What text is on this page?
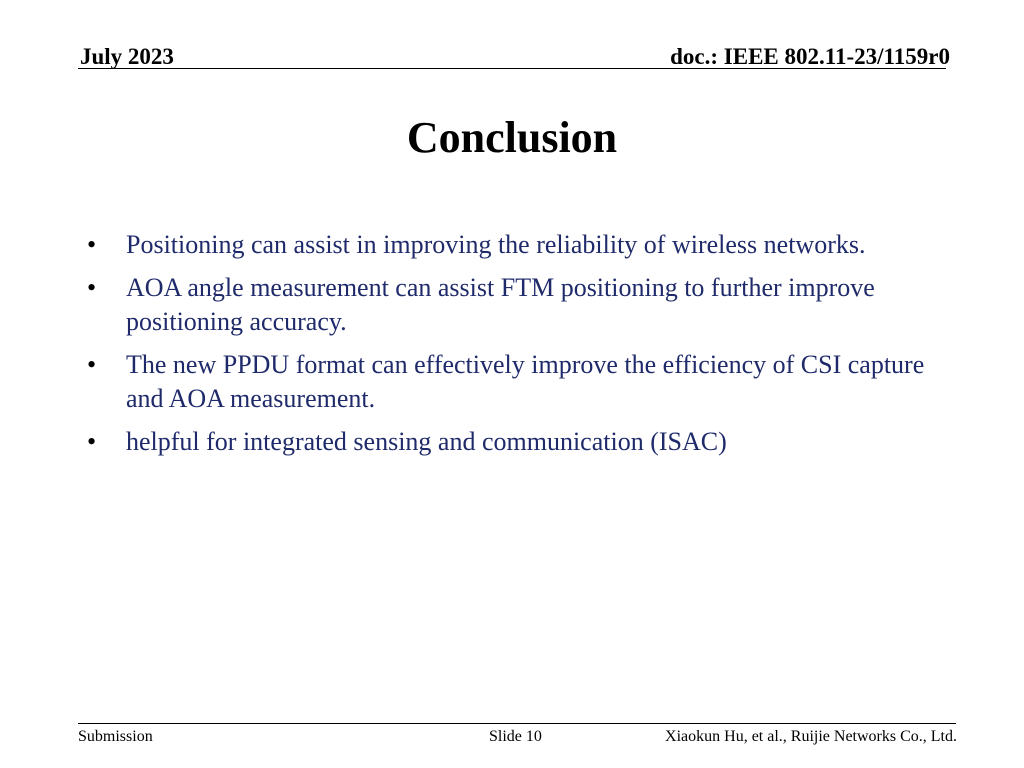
July 2023	doc.: IEEE 802.11-23/1159r0
Conclusion
• Positioning can assist in improving the reliability of wireless networks.
• AOA angle measurement can assist FTM positioning to further improve positioning accuracy.
• The new PPDU format can effectively improve the efficiency of CSI capture and AOA measurement.
• helpful for integrated sensing and communication (ISAC)
Submission	Slide 10	Xiaokun Hu, et al., Ruijie Networks Co., Ltd.
